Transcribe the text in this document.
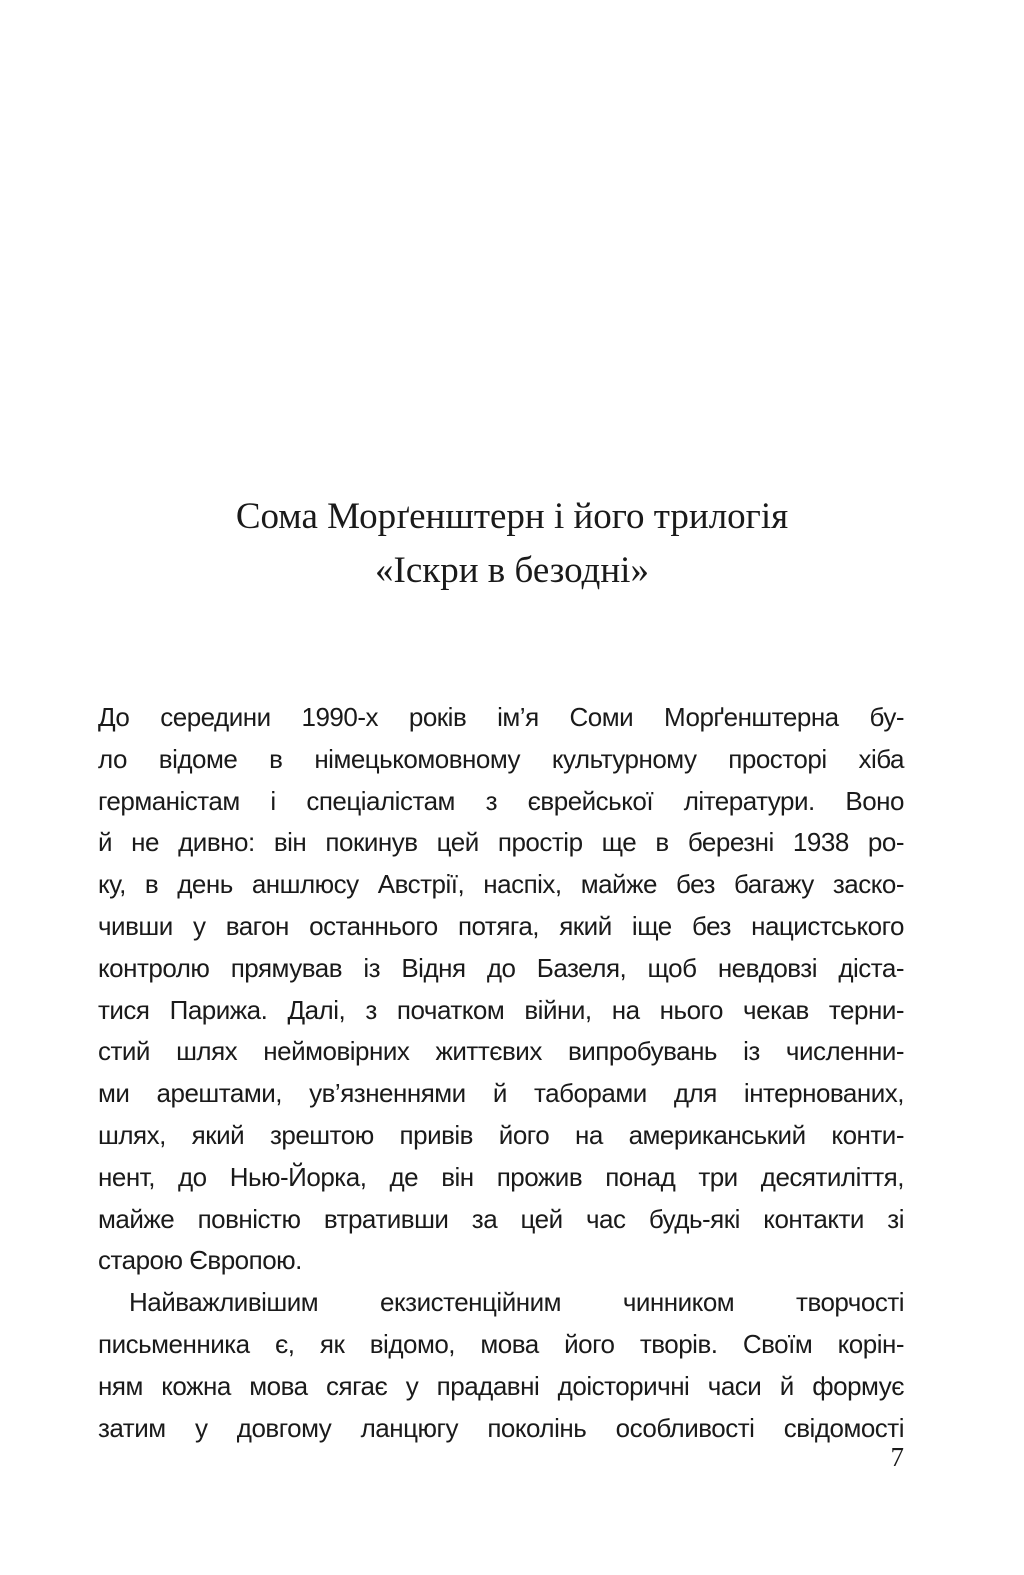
Сома Морґенштерн і його трилогія
«Іскри в безодні»
До середини 1990-х років ім’я Соми Морґенштерна бу-
ло відоме в німецькомовному культурному просторі хіба
германістам і спеціалістам з єврейської літератури. Воно
й не дивно: він покинув цей простір ще в березні 1938 ро-
ку, в день аншлюсу Австрії, наспіх, майже без багажу заско-
чивши у вагон останнього потяга, який іще без нацистського
контролю прямував із Відня до Базеля, щоб невдовзі діста-
тися Парижа. Далі, з початком війни, на нього чекав терни-
стий шлях неймовірних життєвих випробувань із численни-
ми арештами, ув’язненнями й таборами для інтернованих,
шлях, який зрештою привів його на американський конти-
нент, до Нью-Йорка, де він прожив понад три десятиліття,
майже повністю втративши за цей час будь-які контакти зі
старою Європою.
Найважливішим екзистенційним чинником творчості
письменника є, як відомо, мова його творів. Своїм корін-
ням кожна мова сягає у прадавні доісторичні часи й формує
затим у довгому ланцюгу поколінь особливості свідомості
7
